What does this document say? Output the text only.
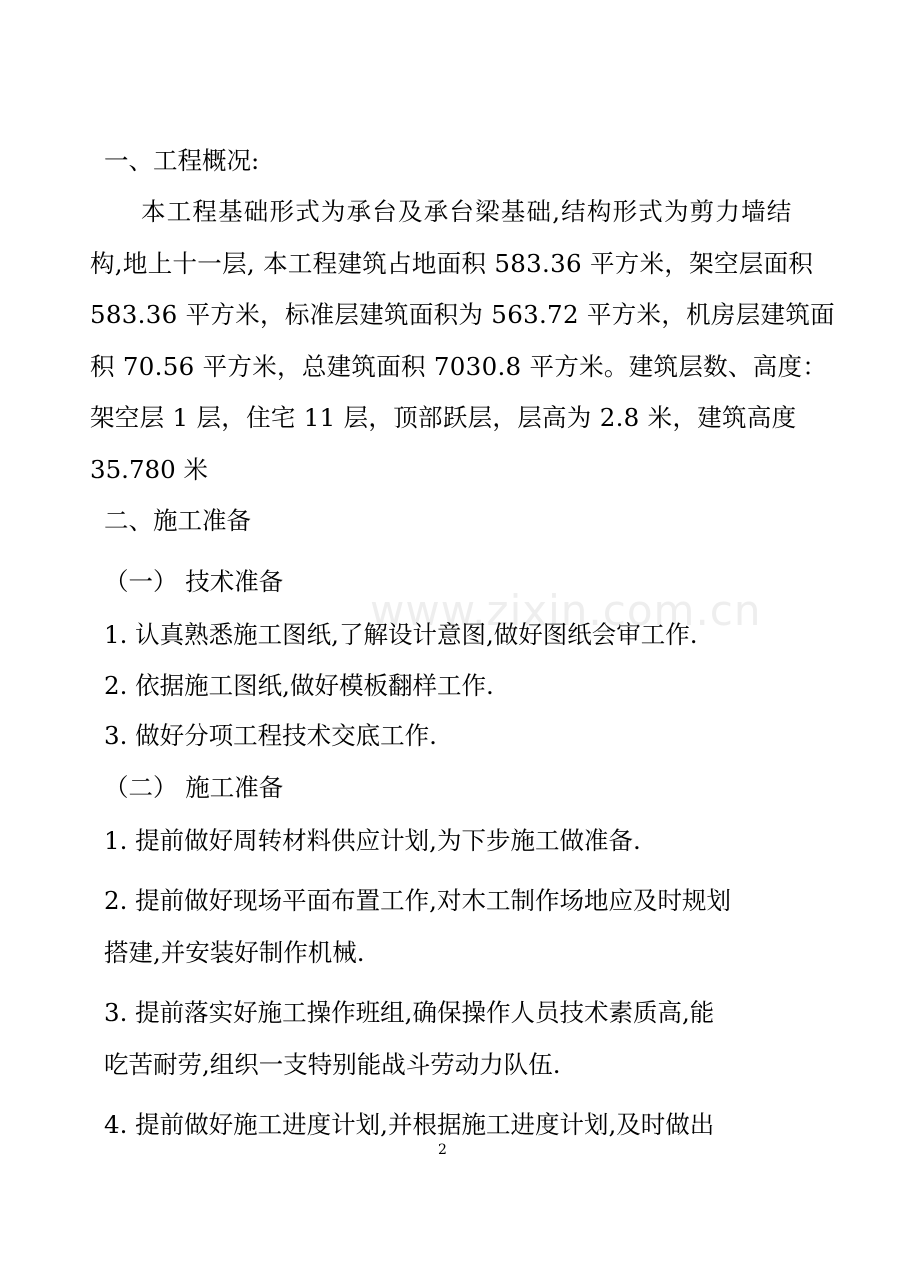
www.zixin.com.cn
一、工程概况:
本工程基础形式为承台及承台梁基础,结构形式为剪力墙结
构,地上十一层, 本工程建筑占地面积 583.36 平方米，架空层面积
583.36 平方米，标准层建筑面积为 563.72 平方米，机房层建筑面
积 70.56 平方米，总建筑面积 7030.8 平方米。建筑层数、高度：
架空层 1 层，住宅 11 层，顶部跃层，层高为 2.8 米，建筑高度
35.780 米
二、施工准备
（一） 技术准备
1. 认真熟悉施工图纸,了解设计意图,做好图纸会审工作.
2. 依据施工图纸,做好模板翻样工作.
3. 做好分项工程技术交底工作.
（二） 施工准备
1. 提前做好周转材料供应计划,为下步施工做准备.
2. 提前做好现场平面布置工作,对木工制作场地应及时规划
搭建,并安装好制作机械.
3. 提前落实好施工操作班组,确保操作人员技术素质高,能
吃苦耐劳,组织一支特别能战斗劳动力队伍.
4. 提前做好施工进度计划,并根据施工进度计划,及时做出
2
